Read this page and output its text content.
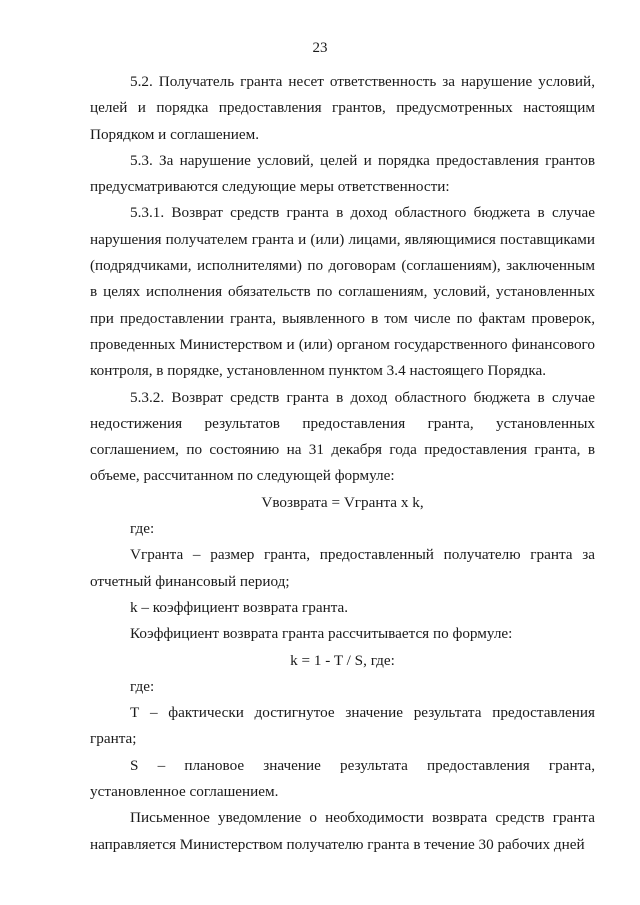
23

5.2. Получатель гранта несет ответственность за нарушение условий, целей и порядка предоставления грантов, предусмотренных настоящим Порядком и соглашением.

5.3. За нарушение условий, целей и порядка предоставления грантов предусматриваются следующие меры ответственности:

5.3.1. Возврат средств гранта в доход областного бюджета в случае нарушения получателем гранта и (или) лицами, являющимися поставщиками (подрядчиками, исполнителями) по договорам (соглашениям), заключенным в целях исполнения обязательств по соглашениям, условий, установленных при предоставлении гранта, выявленного в том числе по фактам проверок, проведенных Министерством и (или) органом государственного финансового контроля, в порядке, установленном пунктом 3.4 настоящего Порядка.

5.3.2. Возврат средств гранта в доход областного бюджета в случае недостижения результатов предоставления гранта, установленных соглашением, по состоянию на 31 декабря года предоставления гранта, в объеме, рассчитанном по следующей формуле:

Vвозврата = Vгранта x k,

где:

Vгранта – размер гранта, предоставленный получателю гранта за отчетный финансовый период;

k – коэффициент возврата гранта.

Коэффициент возврата гранта рассчитывается по формуле:

k = 1 - T / S, где:

где:

Т – фактически достигнутое значение результата предоставления гранта;

S – плановое значение результата предоставления гранта, установленное соглашением.

Письменное уведомление о необходимости возврата средств гранта направляется Министерством получателю гранта в течение 30 рабочих дней
